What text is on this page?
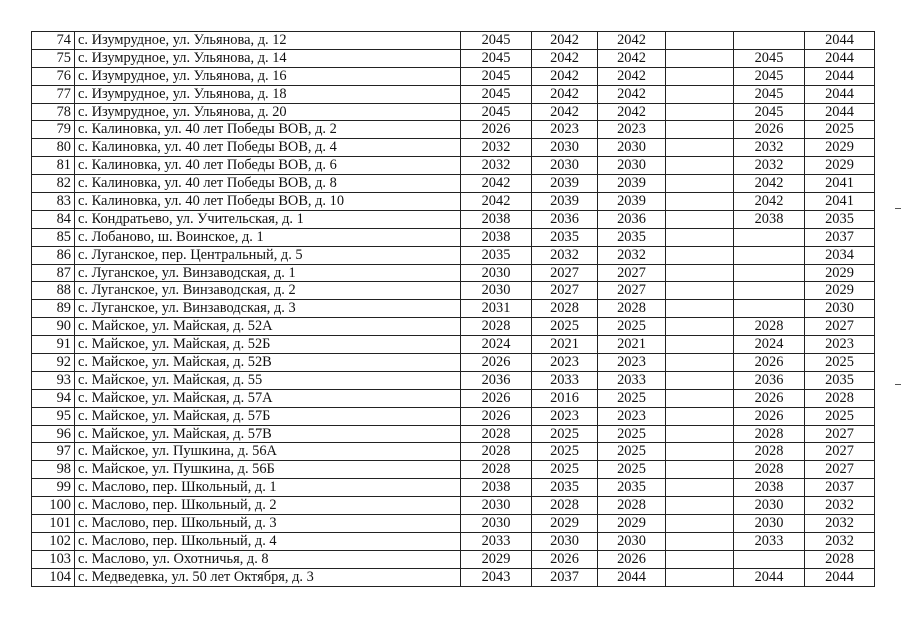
74	с. Изумрудное, ул. Ульянова, д. 12	2045	2042	2042			2044
75	с. Изумрудное, ул. Ульянова, д. 14	2045	2042	2042		2045	2044
76	с. Изумрудное, ул. Ульянова, д. 16	2045	2042	2042		2045	2044
77	с. Изумрудное, ул. Ульянова, д. 18	2045	2042	2042		2045	2044
78	с. Изумрудное, ул. Ульянова, д. 20	2045	2042	2042		2045	2044
79	с. Калиновка, ул. 40 лет Победы ВОВ, д. 2	2026	2023	2023		2026	2025
80	с. Калиновка, ул. 40 лет Победы ВОВ, д. 4	2032	2030	2030		2032	2029
81	с. Калиновка, ул. 40 лет Победы ВОВ, д. 6	2032	2030	2030		2032	2029
82	с. Калиновка, ул. 40 лет Победы ВОВ, д. 8	2042	2039	2039		2042	2041
83	с. Калиновка, ул. 40 лет Победы ВОВ, д. 10	2042	2039	2039		2042	2041
84	с. Кондратьево, ул. Учительская, д. 1	2038	2036	2036		2038	2035
85	с. Лобаново, ш. Воинское, д. 1	2038	2035	2035			2037
86	с. Луганское, пер. Центральный, д. 5	2035	2032	2032			2034
87	с. Луганское, ул. Винзаводская, д. 1	2030	2027	2027			2029
88	с. Луганское, ул. Винзаводская, д. 2	2030	2027	2027			2029
89	с. Луганское, ул. Винзаводская, д. 3	2031	2028	2028			2030
90	с. Майское, ул. Майская, д. 52А	2028	2025	2025		2028	2027
91	с. Майское, ул. Майская, д. 52Б	2024	2021	2021		2024	2023
92	с. Майское, ул. Майская, д. 52В	2026	2023	2023		2026	2025
93	с. Майское, ул. Майская, д. 55	2036	2033	2033		2036	2035
94	с. Майское, ул. Майская, д. 57А	2026	2016	2025		2026	2028
95	с. Майское, ул. Майская, д. 57Б	2026	2023	2023		2026	2025
96	с. Майское, ул. Майская, д. 57В	2028	2025	2025		2028	2027
97	с. Майское, ул. Пушкина, д. 56А	2028	2025	2025		2028	2027
98	с. Майское, ул. Пушкина, д. 56Б	2028	2025	2025		2028	2027
99	с. Маслово, пер. Школьный, д. 1	2038	2035	2035		2038	2037
100	с. Маслово, пер. Школьный, д. 2	2030	2028	2028		2030	2032
101	с. Маслово, пер. Школьный, д. 3	2030	2029	2029		2030	2032
102	с. Маслово, пер. Школьный, д. 4	2033	2030	2030		2033	2032
103	с. Маслово, ул. Охотничья, д. 8	2029	2026	2026			2028
104	с. Медведевка, ул. 50 лет Октября, д. 3	2043	2037	2044		2044	2044
